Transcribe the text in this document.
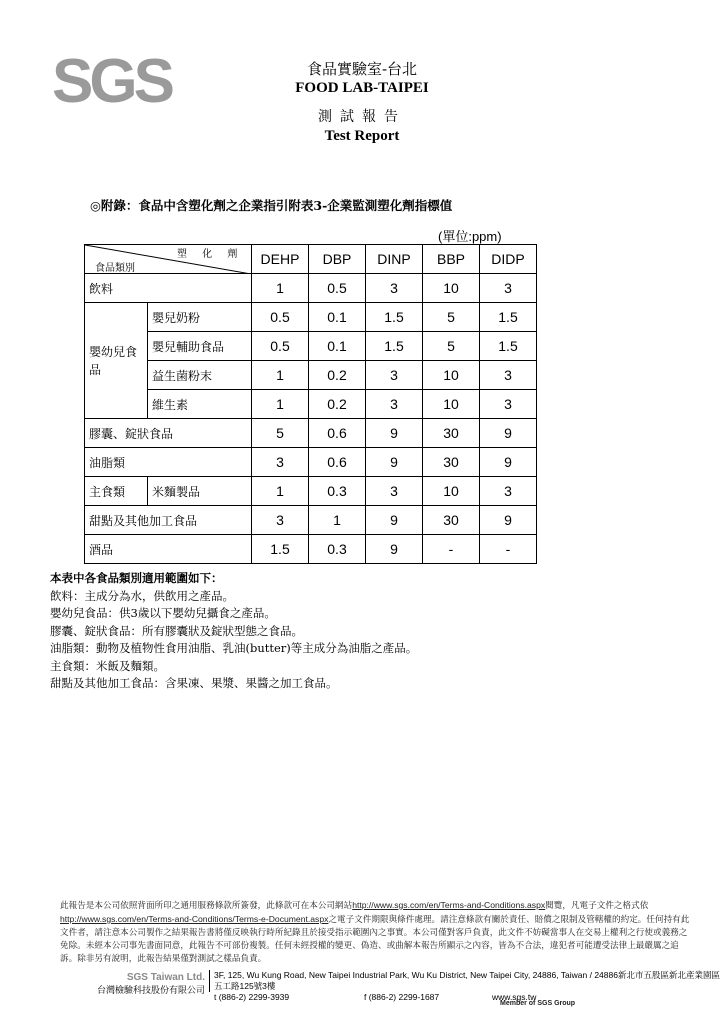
SGS	食品實驗室-台北
FOOD LAB-TAIPEI
測試報告
Test Report
◎附錄：食品中含塑化劑之企業指引附表3-企業監測塑化劑指標值
(單位:ppm)
塑 化 劑
食品類別		DEHP	DBP	DINP	BBP	DIDP
飲料		1	0.5	3	10	3
嬰幼兒食品	嬰兒奶粉	0.5	0.1	1.5	5	1.5
	嬰兒輔助食品	0.5	0.1	1.5	5	1.5
	益生菌粉末	1	0.2	3	10	3
	維生素	1	0.2	3	10	3
膠囊、錠狀食品		5	0.6	9	30	9
油脂類		3	0.6	9	30	9
主食類	米麵製品	1	0.3	3	10	3
甜點及其他加工食品		3	1	9	30	9
酒品		1.5	0.3	9	-	-
本表中各食品類別適用範圍如下：
飲料：主成分為水，供飲用之產品。
嬰幼兒食品：供3歲以下嬰幼兒攝食之產品。
膠囊、錠狀食品：所有膠囊狀及錠狀型態之食品。
油脂類：動物及植物性食用油脂、乳油(butter)等主成分為油脂之產品。
主食類：米飯及麵類。
甜點及其他加工食品：含果凍、果漿、果醬之加工食品。
此報告是本公司依照背面所印之通用服務條款所簽發，此條款可在本公司網站http://www.sgs.com/en/Terms-and-Conditions.aspx閱覽，凡電子文件之格式依http://www.sgs.com/en/Terms-and-Conditions/Terms-e-Document.aspx之電子文件期限與條件處理。請注意條款有關於責任、賠償之限制及管轄權的約定。任何持有此文件者，請注意本公司製作之結果報告書將僅反映執行時所紀錄且於接受指示範圍內之事實。本公司僅對客戶負責，此文件不妨礙當事人在交易上權利之行使或義務之免除。未經本公司事先書面同意，此報告不可部份複製。任何未經授權的變更、偽造、或曲解本報告所顯示之內容，皆為不合法，違犯者可能遭受法律上最嚴厲之追訴。除非另有說明，此報告結果僅對測試之樣品負責。
SGS Taiwan Ltd.
台灣檢驗科技股份有限公司
3F, 125, Wu Kung Road, New Taipei Industrial Park, Wu Ku District, New Taipei City, 24886, Taiwan / 24886新北市五股區新北產業園區五工路125號3樓
t (886-2) 2299-3939	f (886-2) 2299-1687	www.sgs.tw
Member of SGS Group
